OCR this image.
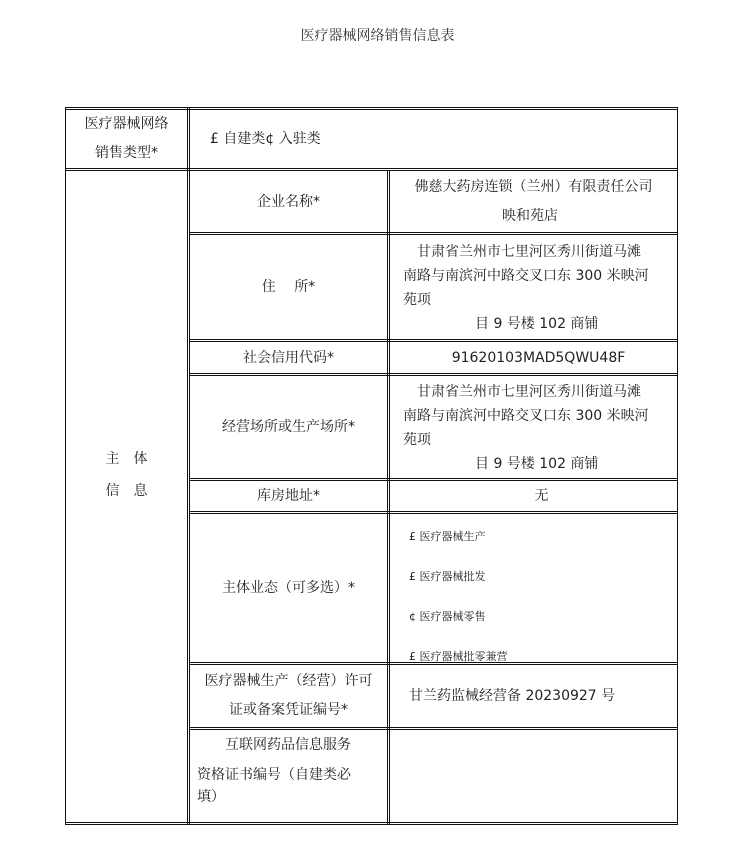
医疗器械网络销售信息表
医疗器械网络
销售类型*
£ 自建类¢ 入驻类
主　体
信　息
企业名称*
佛慈大药房连锁（兰州）有限责任公司
映和苑店
住　 所*
甘肃省兰州市七里河区秀川街道马滩
南路与南滨河中路交叉口东 300 米映河
苑项
目 9 号楼 102 商铺
社会信用代码*	91620103MAD5QWU48F
经营场所或生产场所*
甘肃省兰州市七里河区秀川街道马滩
南路与南滨河中路交叉口东 300 米映河
苑项
目 9 号楼 102 商铺
库房地址*	无
主体业态（可多选）*
£ 医疗器械生产
£ 医疗器械批发
¢ 医疗器械零售
£ 医疗器械批零兼营
医疗器械生产（经营）许可
证或备案凭证编号*
甘兰药监械经营备 20230927 号
互联网药品信息服务
资格证书编号（自建类必
填）
